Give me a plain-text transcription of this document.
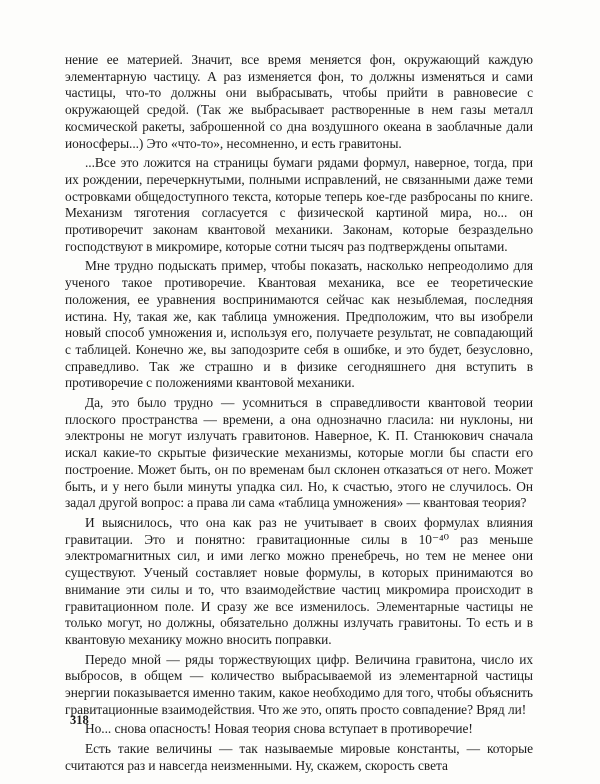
нение ее материей. Значит, все время меняется фон, окружающий каждую элементарную частицу. А раз изменяется фон, то должны изменяться и сами частицы, что-то должны они выбрасывать, чтобы прийти в равновесие с окружающей средой. (Так же выбрасывает растворенные в нем газы металл космической ракеты, заброшенной со дна воздушного океана в заоблачные дали ионосферы...) Это «что-то», несомненно, и есть гравитоны.

...Все это ложится на страницы бумаги рядами формул, наверное, тогда, при их рождении, перечеркнутыми, полными исправлений, не связанными даже теми островками общедоступного текста, которые теперь кое-где разбросаны по книге. Механизм тяготения согласуется с физической картиной мира, но... он противоречит законам квантовой механики. Законам, которые безраздельно господствуют в микромире, которые сотни тысяч раз подтверждены опытами.

Мне трудно подыскать пример, чтобы показать, насколько непреодолимо для ученого такое противоречие. Квантовая механика, все ее теоретические положения, ее уравнения воспринимаются сейчас как незыблемая, последняя истина. Ну, такая же, как таблица умножения. Предположим, что вы изобрели новый способ умножения и, используя его, получаете результат, не совпадающий с таблицей. Конечно же, вы заподозрите себя в ошибке, и это будет, безусловно, справедливо. Так же страшно и в физике сегодняшнего дня вступить в противоречие с положениями квантовой механики.

Да, это было трудно — усомниться в справедливости квантовой теории плоского пространства — времени, а она однозначно гласила: ни нуклоны, ни электроны не могут излучать гравитонов. Наверное, К. П. Станюкович сначала искал какие-то скрытые физические механизмы, которые могли бы спасти его построение. Может быть, он по временам был склонен отказаться от него. Может быть, и у него были минуты упадка сил. Но, к счастью, этого не случилось. Он задал другой вопрос: а права ли сама «таблица умножения» — квантовая теория?

И выяснилось, что она как раз не учитывает в своих формулах влияния гравитации. Это и понятно: гравитационные силы в 10⁻⁴⁰ раз меньше электромагнитных сил, и ими легко можно пренебречь, но тем не менее они существуют. Ученый составляет новые формулы, в которых принимаются во внимание эти силы и то, что взаимодействие частиц микромира происходит в гравитационном поле. И сразу же все изменилось. Элементарные частицы не только могут, но должны, обязательно должны излучать гравитоны. То есть и в квантовую механику можно вносить поправки.

Передо мной — ряды торжествующих цифр. Величина гравитона, число их выбросов, в общем — количество выбрасываемой из элементарной частицы энергии показывается именно таким, какое необходимо для того, чтобы объяснить гравитационные взаимодействия. Что же это, опять просто совпадение? Вряд ли!

Но... снова опасность! Новая теория снова вступает в противоречие!

Есть такие величины — так называемые мировые константы, — которые считаются раз и навсегда неизменными. Ну, скажем, скорость света

318
